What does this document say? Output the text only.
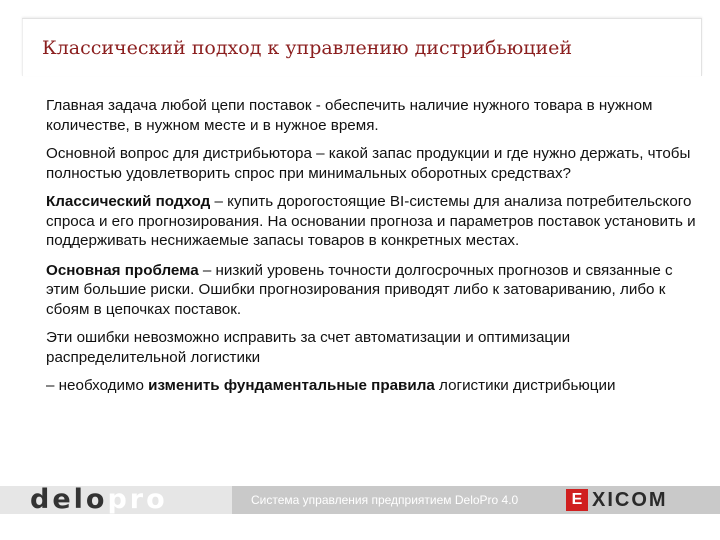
Классический подход к управлению дистрибьюцией

Главная задача любой цепи поставок - обеспечить наличие нужного товара в нужном количестве, в нужном месте и в нужное время.

Основной вопрос для дистрибьютора – какой запас продукции и где нужно держать, чтобы полностью удовлетворить спрос при минимальных оборотных средствах?

Классический подход – купить дорогостоящие BI-системы для анализа потребительского спроса и его прогнозирования. На основании прогноза и параметров поставок установить и поддерживать неснижаемые запасы товаров в конкретных местах.

Основная проблема – низкий уровень точности долгосрочных прогнозов и связанные с этим большие риски. Ошибки прогнозирования приводят либо к затовариванию, либо к сбоям в цепочках поставок.

Эти ошибки невозможно исправить за счет автоматизации и оптимизации распределительной логистики

– необходимо изменить фундаментальные правила логистики дистрибьюции

delopro	Система управления предприятием DeloPro 4.0	E XICOM
